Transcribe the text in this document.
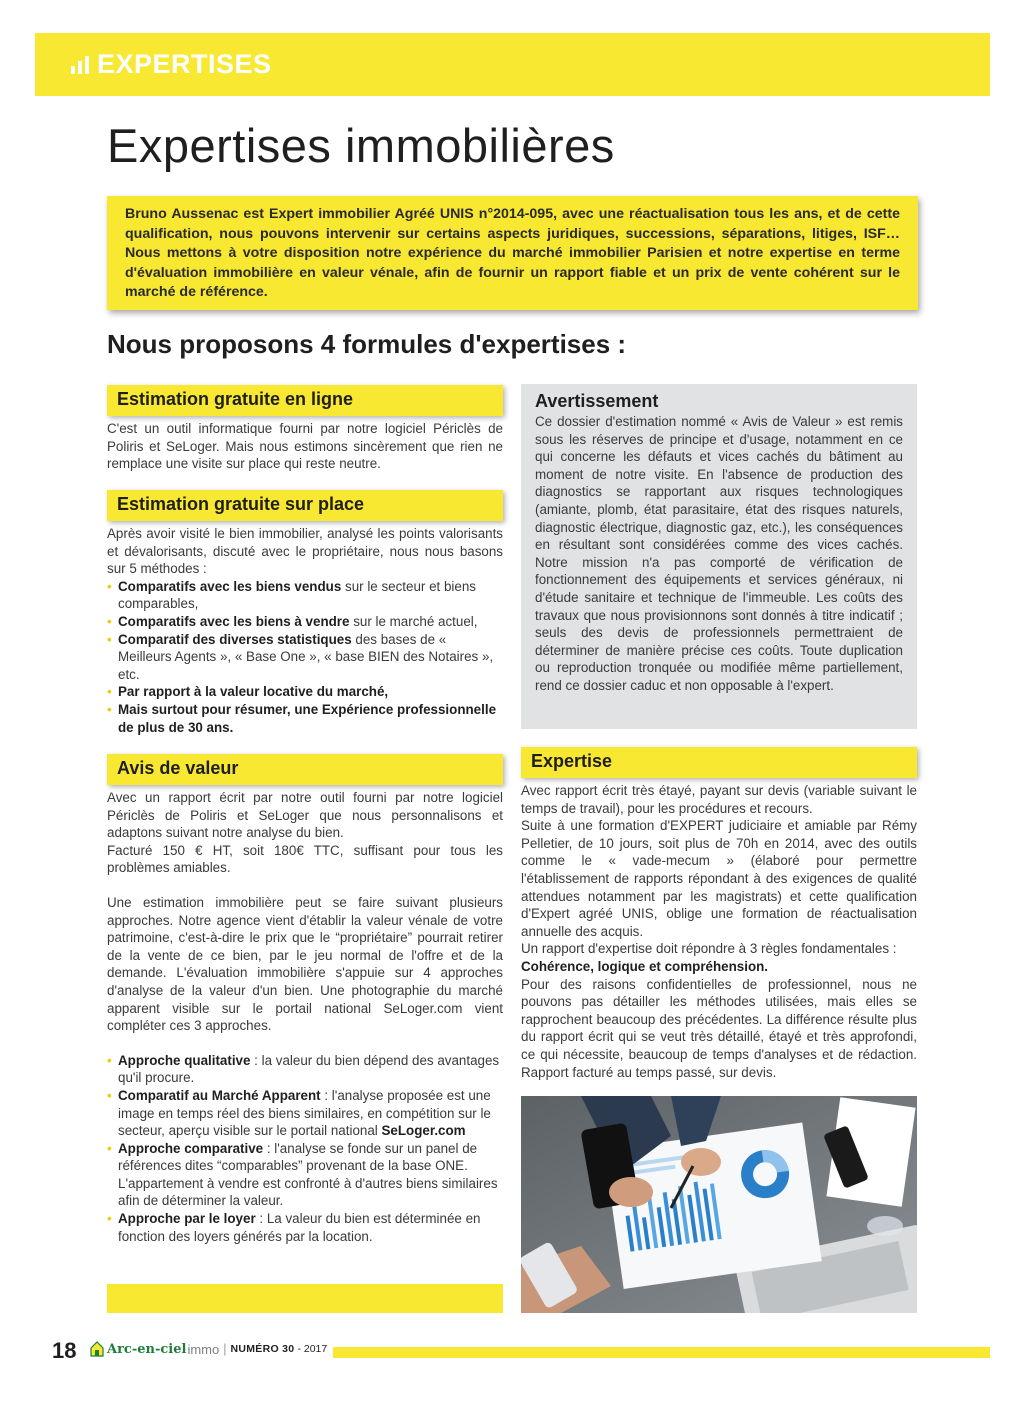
EXPERTISES
Expertises immobilières

Bruno Aussenac est Expert immobilier Agréé UNIS n°2014-095, avec une réactualisation tous les ans, et de cette qualification, nous pouvons intervenir sur certains aspects juridiques, successions, séparations, litiges, ISF… Nous mettons à votre disposition notre expérience du marché immobilier Parisien et notre expertise en terme d'évaluation immobilière en valeur vénale, afin de fournir un rapport fiable et un prix de vente cohérent sur le marché de référence.

Nous proposons 4 formules d'expertises :
Estimation gratuite en ligne

C'est un outil informatique fourni par notre logiciel Périclès de Poliris et SeLoger. Mais nous estimons sincèrement que rien ne remplace une visite sur place qui reste neutre.

Estimation gratuite sur place

Après avoir visité le bien immobilier, analysé les points valorisants et dévalorisants, discuté avec le propriétaire, nous nous basons sur 5 méthodes :

• Comparatifs avec les biens vendus sur le secteur et biens comparables,
• Comparatifs avec les biens à vendre sur le marché actuel,
• Comparatif des diverses statistiques des bases de « Meilleurs Agents », « Base One », « base BIEN des Notaires », etc.
• Par rapport à la valeur locative du marché,
• Mais surtout pour résumer, une Expérience professionnelle de plus de 30 ans.
Avis de valeur

Avec un rapport écrit par notre outil fourni par notre logiciel Périclès de Poliris et SeLoger que nous personnalisons et adaptons suivant notre analyse du bien.

Facturé 150 € HT, soit 180€ TTC, suffisant pour tous les problèmes amiables.

Une estimation immobilière peut se faire suivant plusieurs approches. Notre agence vient d'établir la valeur vénale de votre patrimoine, c'est-à-dire le prix que le “propriétaire” pourrait retirer de la vente de ce bien, par le jeu normal de l'offre et de la demande. L'évaluation immobilière s'appuie sur 4 approches d'analyse de la valeur d'un bien. Une photographie du marché apparent visible sur le portail national SeLoger.com vient compléter ces 3 approches.

• Approche qualitative : la valeur du bien dépend des avantages qu'il procure.
• Comparatif au Marché Apparent : l'analyse proposée est une image en temps réel des biens similaires, en compétition sur le secteur, aperçu visible sur le portail national SeLoger.com
• Approche comparative : l'analyse se fonde sur un panel de références dites “comparables” provenant de la base ONE. L'appartement à vendre est confronté à d'autres biens similaires afin de déterminer la valeur.
• Approche par le loyer : La valeur du bien est déterminée en fonction des loyers générés par la location.
Avertissement

Ce dossier d'estimation nommé « Avis de Valeur » est remis sous les réserves de principe et d'usage, notamment en ce qui concerne les défauts et vices cachés du bâtiment au moment de notre visite. En l'absence de production des diagnostics se rapportant aux risques technologiques (amiante, plomb, état parasitaire, état des risques naturels, diagnostic électrique, diagnostic gaz, etc.), les conséquences en résultant sont considérées comme des vices cachés. Notre mission n'a pas comporté de vérification de fonctionnement des équipements et services généraux, ni d'étude sanitaire et technique de l'immeuble. Les coûts des travaux que nous provisionnons sont donnés à titre indicatif ; seuls des devis de professionnels permettraient de déterminer de manière précise ces coûts. Toute duplication ou reproduction tronquée ou modifiée même partiellement, rend ce dossier caduc et non opposable à l'expert.

Expertise

Avec rapport écrit très étayé, payant sur devis (variable suivant le temps de travail), pour les procédures et recours.

Suite à une formation d'EXPERT judiciaire et amiable par Rémy Pelletier, de 10 jours, soit plus de 70h en 2014, avec des outils comme le « vade-mecum » (élaboré pour permettre l'établissement de rapports répondant à des exigences de qualité attendues notamment par les magistrats) et cette qualification d'Expert agréé UNIS, oblige une formation de réactualisation annuelle des acquis.

Un rapport d'expertise doit répondre à 3 règles fondamentales :
Cohérence, logique et compréhension.

Pour des raisons confidentielles de professionnel, nous ne pouvons pas détailler les méthodes utilisées, mais elles se rapprochent beaucoup des précédentes. La différence résulte plus du rapport écrit qui se veut très détaillé, étayé et très approfondi, ce qui nécessite, beaucoup de temps d'analyses et de rédaction. Rapport facturé au temps passé, sur devis.

18 Arc-en-ciel immo | NUMÉRO 30 - 2017
